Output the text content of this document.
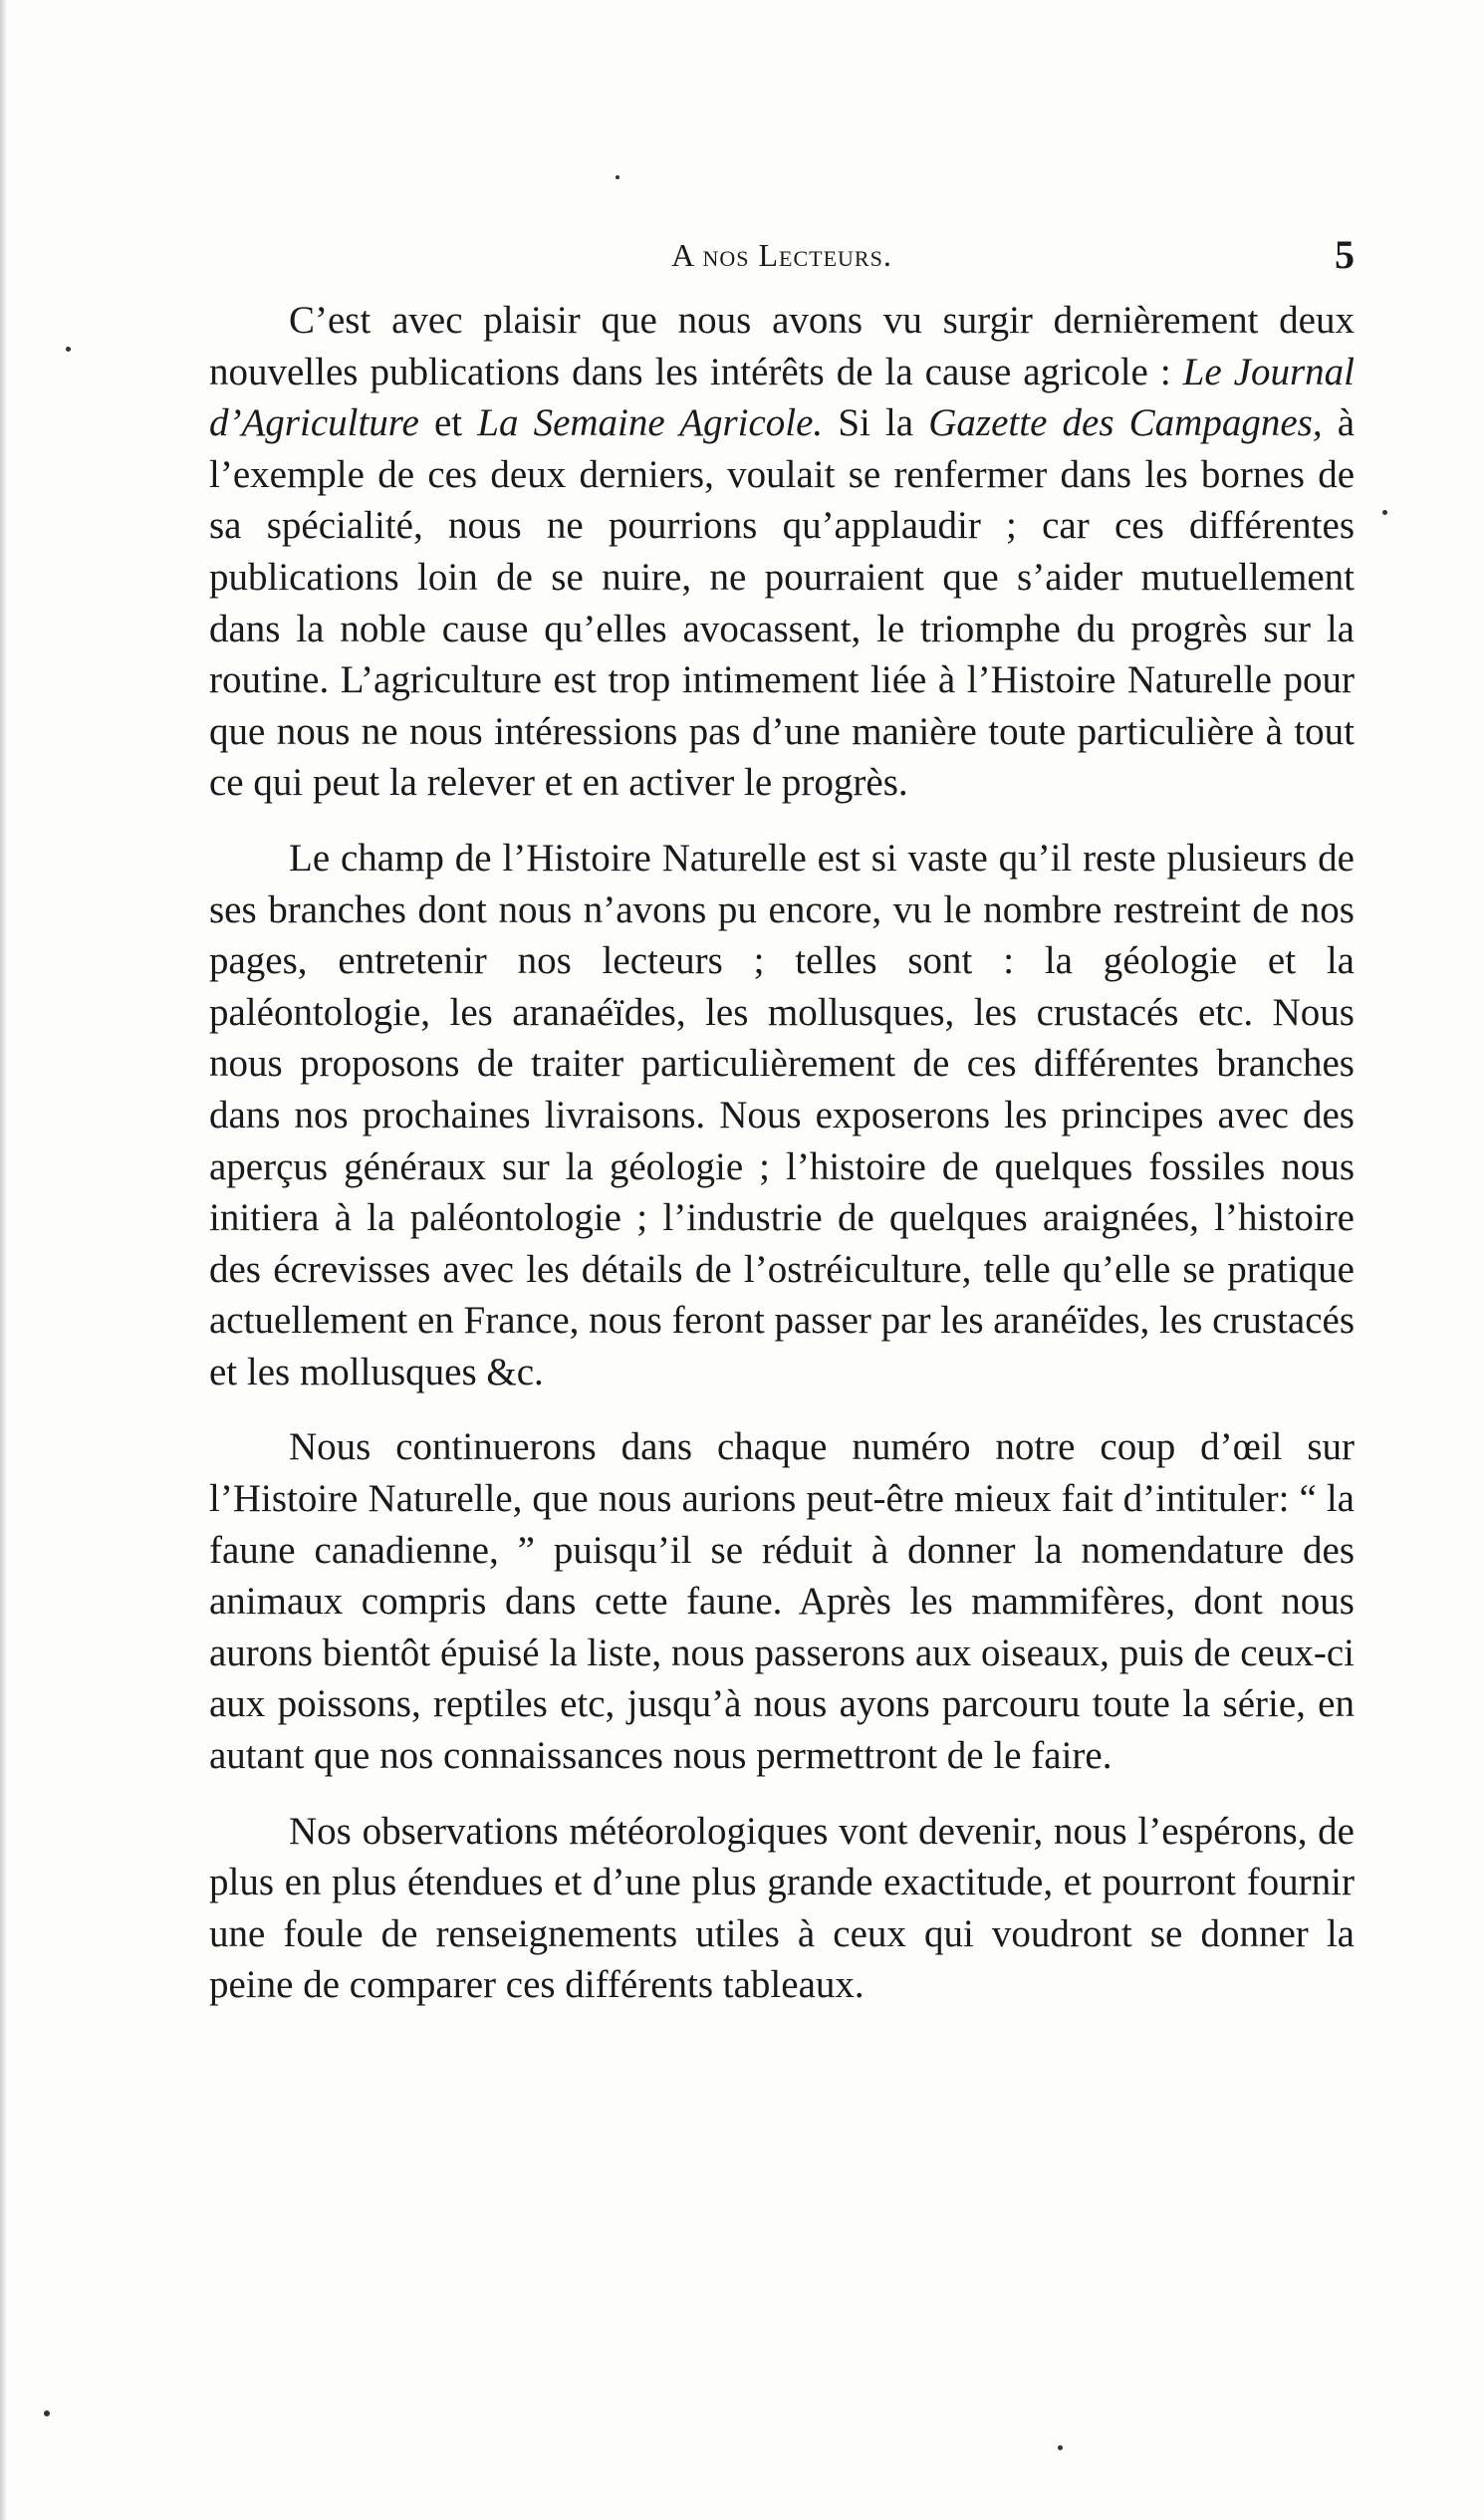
A nos Lecteurs.	5

C’est avec plaisir que nous avons vu surgir dernièrement deux nouvelles publications dans les intérêts de la cause agricole : Le Journal d’Agriculture et La Semaine Agricole. Si la Gazette des Campagnes, à l’exemple de ces deux derniers, voulait se renfermer dans les bornes de sa spécialité, nous ne pourrions qu’applaudir ; car ces différentes publications loin de se nuire, ne pourraient que s’aider mutuellement dans la noble cause qu’elles avocassent, le triomphe du progrès sur la routine. L’agriculture est trop intimement liée à l’Histoire Naturelle pour que nous ne nous intéressions pas d’une manière toute particulière à tout ce qui peut la relever et en activer le progrès.

Le champ de l’Histoire Naturelle est si vaste qu’il reste plusieurs de ses branches dont nous n’avons pu encore, vu le nombre restreint de nos pages, entretenir nos lecteurs ; telles sont : la géologie et la paléontologie, les aranaéïdes, les mollusques, les crustacés etc. Nous nous proposons de traiter particulièrement de ces différentes branches dans nos prochaines livraisons. Nous exposerons les principes avec des aperçus généraux sur la géologie ; l’histoire de quelques fossiles nous initiera à la paléontologie ; l’industrie de quelques araignées, l’histoire des écrevisses avec les détails de l’ostréiculture, telle qu’elle se pratique actuellement en France, nous feront passer par les aranéïdes, les crustacés et les mollusques &c.

Nous continuerons dans chaque numéro notre coup d’œil sur l’Histoire Naturelle, que nous aurions peut-être mieux fait d’intituler: “ la faune canadienne, ” puisqu’il se réduit à donner la nomendature des animaux compris dans cette faune. Après les mammifères, dont nous aurons bientôt épuisé la liste, nous passerons aux oiseaux, puis de ceux-ci aux poissons, reptiles etc, jusqu’à nous ayons parcouru toute la série, en autant que nos connaissances nous permettront de le faire.

Nos observations météorologiques vont devenir, nous l’espérons, de plus en plus étendues et d’une plus grande exactitude, et pourront fournir une foule de renseignements utiles à ceux qui voudront se donner la peine de comparer ces différents tableaux.
